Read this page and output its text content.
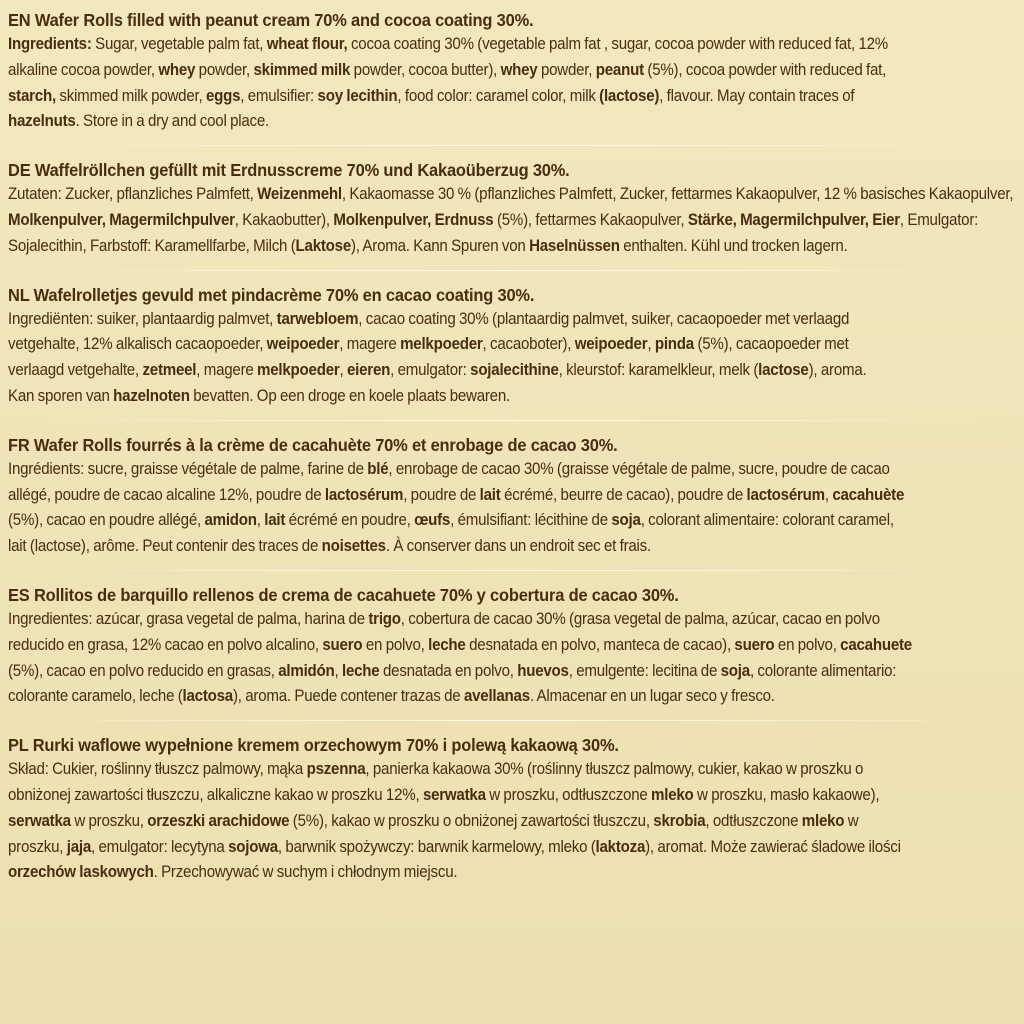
EN Wafer Rolls filled with peanut cream 70% and cocoa coating 30%.
Ingredients: Sugar, vegetable palm fat, wheat flour, cocoa coating 30% (vegetable palm fat , sugar, cocoa powder with reduced fat, 12%
alkaline cocoa powder, whey powder, skimmed milk powder, cocoa butter), whey powder, peanut (5%), cocoa powder with reduced fat,
starch, skimmed milk powder, eggs, emulsifier: soy lecithin, food color: caramel color, milk (lactose), flavour. May contain traces of
hazelnuts. Store in a dry and cool place.
DE Waffelröllchen gefüllt mit Erdnusscreme 70% und Kakaoüberzug 30%.
Zutaten: Zucker, pflanzliches Palmfett, Weizenmehl, Kakaomasse 30 % (pflanzliches Palmfett, Zucker, fettarmes Kakaopulver, 12 % basisches Kakaopulver,
Molkenpulver, Magermilchpulver, Kakaobutter), Molkenpulver, Erdnuss (5%), fettarmes Kakaopulver, Stärke, Magermilchpulver, Eier, Emulgator:
Sojalecithin, Farbstoff: Karamellfarbe, Milch (Laktose), Aroma. Kann Spuren von Haselnüssen enthalten. Kühl und trocken lagern.
NL Wafelrolletjes gevuld met pindacrème 70% en cacao coating 30%.
Ingrediënten: suiker, plantaardig palmvet, tarwebloem, cacao coating 30% (plantaardig palmvet, suiker, cacaopoeder met verlaagd
vetgehalte, 12% alkalisch cacaopoeder, weipoeder, magere melkpoeder, cacaoboter), weipoeder, pinda (5%), cacaopoeder met
verlaagd vetgehalte, zetmeel, magere melkpoeder, eieren, emulgator: sojalecithine, kleurstof: karamelkleur, melk (lactose), aroma.
Kan sporen van hazelnoten bevatten. Op een droge en koele plaats bewaren.
FR Wafer Rolls fourrés à la crème de cacahuète 70% et enrobage de cacao 30%.
Ingrédients: sucre, graisse végétale de palme, farine de blé, enrobage de cacao 30% (graisse végétale de palme, sucre, poudre de cacao
allégé, poudre de cacao alcaline 12%, poudre de lactosérum, poudre de lait écrémé, beurre de cacao), poudre de lactosérum, cacahuète
(5%), cacao en poudre allégé, amidon, lait écrémé en poudre, œufs, émulsifiant: lécithine de soja, colorant alimentaire: colorant caramel,
lait (lactose), arôme. Peut contenir des traces de noisettes. À conserver dans un endroit sec et frais.
ES Rollitos de barquillo rellenos de crema de cacahuete 70% y cobertura de cacao 30%.
Ingredientes: azúcar, grasa vegetal de palma, harina de trigo, cobertura de cacao 30% (grasa vegetal de palma, azúcar, cacao en polvo
reducido en grasa, 12% cacao en polvo alcalino, suero en polvo, leche desnatada en polvo, manteca de cacao), suero en polvo, cacahuete
(5%), cacao en polvo reducido en grasas, almidón, leche desnatada en polvo, huevos, emulgente: lecitina de soja, colorante alimentario:
colorante caramelo, leche (lactosa), aroma. Puede contener trazas de avellanas. Almacenar en un lugar seco y fresco.
PL Rurki waflowe wypełnione kremem orzechowym 70% i polewą kakaową 30%.
Skład: Cukier, roślinny tłuszcz palmowy, mąka pszenna, panierka kakaowa 30% (roślinny tłuszcz palmowy, cukier, kakao w proszku o
obniżonej zawartości tłuszczu, alkaliczne kakao w proszku 12%, serwatka w proszku, odtłuszczone mleko w proszku, masło kakaowe),
serwatka w proszku, orzeszki arachidowe (5%), kakao w proszku o obniżonej zawartości tłuszczu, skrobia, odtłuszczone mleko w
proszku, jaja, emulgator: lecytyna sojowa, barwnik spożywczy: barwnik karmelowy, mleko (laktoza), aromat. Może zawierać śladowe ilości
orzechów laskowych. Przechowywać w suchym i chłodnym miejscu.
